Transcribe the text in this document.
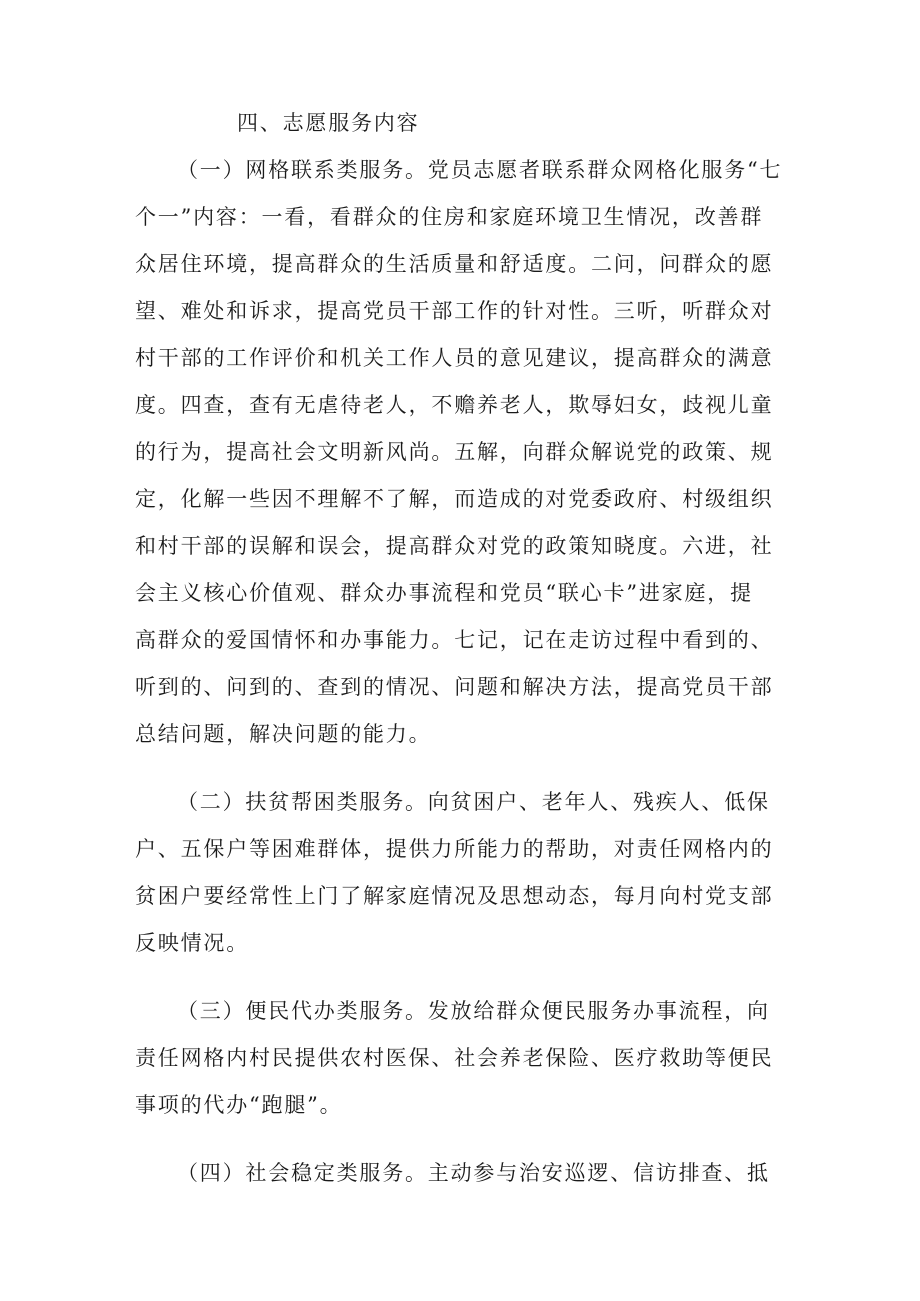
四、志愿服务内容

（一）网格联系类服务。党员志愿者联系群众网格化服务“七
个一”内容：一看，看群众的住房和家庭环境卫生情况，改善群
众居住环境，提高群众的生活质量和舒适度。二问，问群众的愿
望、难处和诉求，提高党员干部工作的针对性。三听，听群众对
村干部的工作评价和机关工作人员的意见建议，提高群众的满意
度。四查，查有无虐待老人，不赡养老人，欺辱妇女，歧视儿童
的行为，提高社会文明新风尚。五解，向群众解说党的政策、规
定，化解一些因不理解不了解，而造成的对党委政府、村级组织
和村干部的误解和误会，提高群众对党的政策知晓度。六进，社
会主义核心价值观、群众办事流程和党员“联心卡”进家庭，提
高群众的爱国情怀和办事能力。七记，记在走访过程中看到的、
听到的、问到的、查到的情况、问题和解决方法，提高党员干部
总结问题，解决问题的能力。

（二）扶贫帮困类服务。向贫困户、老年人、残疾人、低保
户、五保户等困难群体，提供力所能力的帮助，对责任网格内的
贫困户要经常性上门了解家庭情况及思想动态，每月向村党支部
反映情况。

（三）便民代办类服务。发放给群众便民服务办事流程，向
责任网格内村民提供农村医保、社会养老保险、医疗救助等便民
事项的代办“跑腿”。

（四）社会稳定类服务。主动参与治安巡逻、信访排查、抵
